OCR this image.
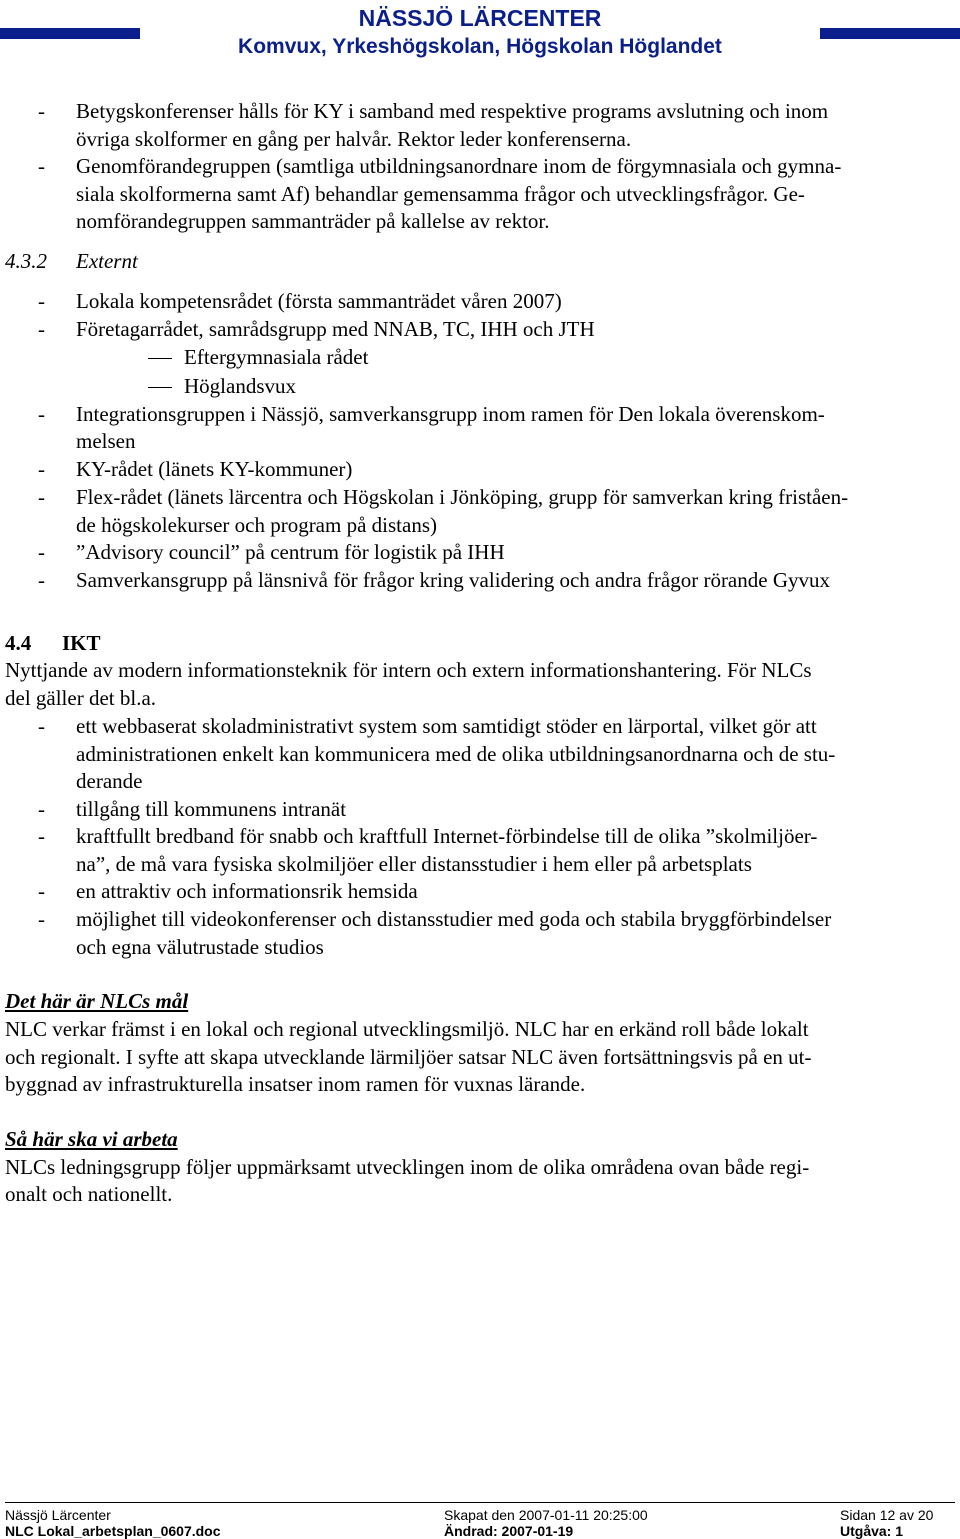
NÄSSJÖ LÄRCENTER
Komvux, Yrkeshögskolan, Högskolan Höglandet
- Betygskonferenser hålls för KY i samband med respektive programs avslutning och inom
övriga skolformer en gång per halvår. Rektor leder konferenserna.
- Genomförandegruppen (samtliga utbildningsanordnare inom de förgymnasiala och gymna-
siala skolformerna samt Af) behandlar gemensamma frågor och utvecklingsfrågor. Ge-
nomförandegruppen sammanträder på kallelse av rektor.
4.3.2 Externt
- Lokala kompetensrådet (första sammanträdet våren 2007)
- Företagarrådet, samrådsgrupp med NNAB, TC, IHH och JTH
Eftergymnasiala rådet
Höglandsvux
- Integrationsgruppen i Nässjö, samverkansgrupp inom ramen för Den lokala överenskom-
melsen
- KY-rådet (länets KY-kommuner)
- Flex-rådet (länets lärcentra och Högskolan i Jönköping, grupp för samverkan kring friståen-
de högskolekurser och program på distans)
- ”Advisory council” på centrum för logistik på IHH
- Samverkansgrupp på länsnivå för frågor kring validering och andra frågor rörande Gyvux
4.4 IKT
Nyttjande av modern informationsteknik för intern och extern informationshantering. För NLCs
del gäller det bl.a.
- ett webbaserat skoladministrativt system som samtidigt stöder en lärportal, vilket gör att
administrationen enkelt kan kommunicera med de olika utbildningsanordnarna och de stu-
derande
- tillgång till kommunens intranät
- kraftfullt bredband för snabb och kraftfull Internet-förbindelse till de olika ”skolmiljöer-
na”, de må vara fysiska skolmiljöer eller distansstudier i hem eller på arbetsplats
- en attraktiv och informationsrik hemsida
- möjlighet till videokonferenser och distansstudier med goda och stabila bryggförbindelser
och egna välutrustade studios
Det här är NLCs mål
NLC verkar främst i en lokal och regional utvecklingsmiljö. NLC har en erkänd roll både lokalt
och regionalt. I syfte att skapa utvecklande lärmiljöer satsar NLC även fortsättningsvis på en ut-
byggnad av infrastrukturella insatser inom ramen för vuxnas lärande.
Så här ska vi arbeta
NLCs ledningsgrupp följer uppmärksamt utvecklingen inom de olika områdena ovan både regi-
onalt och nationellt.
Nässjö Lärcenter
NLC Lokal_arbetsplan_0607.doc
Skapat den 2007-01-11 20:25:00
Ändrad: 2007-01-19
Sidan 12 av 20
Utgåva: 1
